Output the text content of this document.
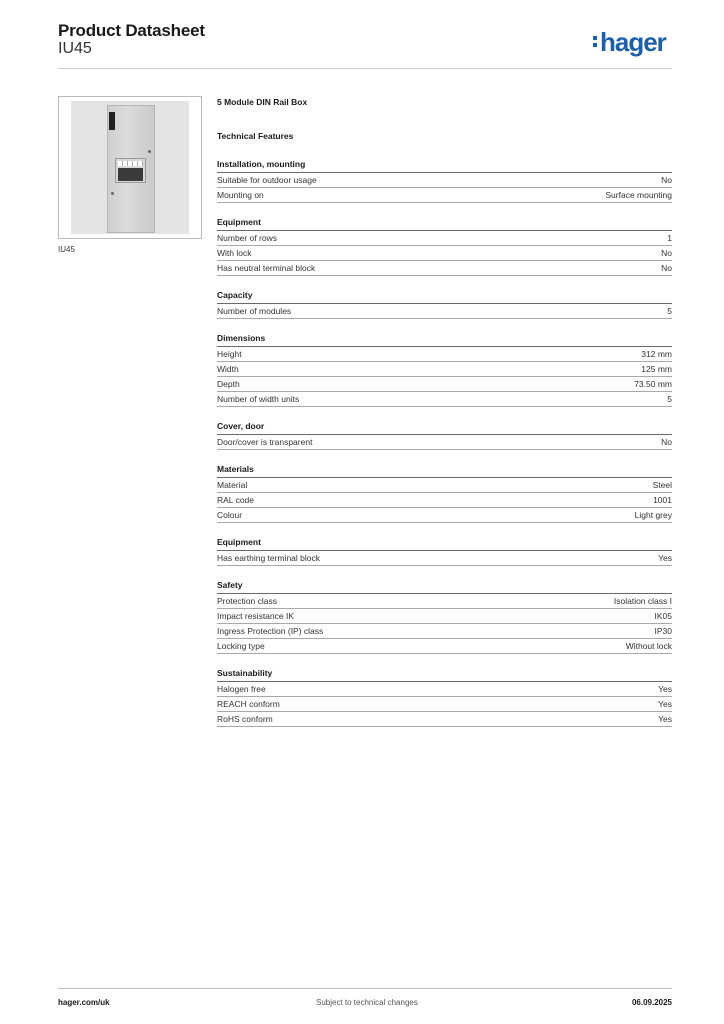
Product Datasheet
IU45	hager
IU45
5 Module DIN Rail Box
Technical Features
Installation, mounting
Suitable for outdoor usage	No
Mounting on	Surface mounting
Equipment
Number of rows	1
With lock	No
Has neutral terminal block	No
Capacity
Number of modules	5
Dimensions
Height	312 mm
Width	125 mm
Depth	73.50 mm
Number of width units	5
Cover, door
Door/cover is transparent	No
Materials
Material	Steel
RAL code	1001
Colour	Light grey
Equipment
Has earthing terminal block	Yes
Safety
Protection class	Isolation class I
Impact resistance IK	IK05
Ingress Protection (IP) class	IP30
Locking type	Without lock
Sustainability
Halogen free	Yes
REACH conform	Yes
RoHS conform	Yes
hager.com/uk	Subject to technical changes	06.09.2025
